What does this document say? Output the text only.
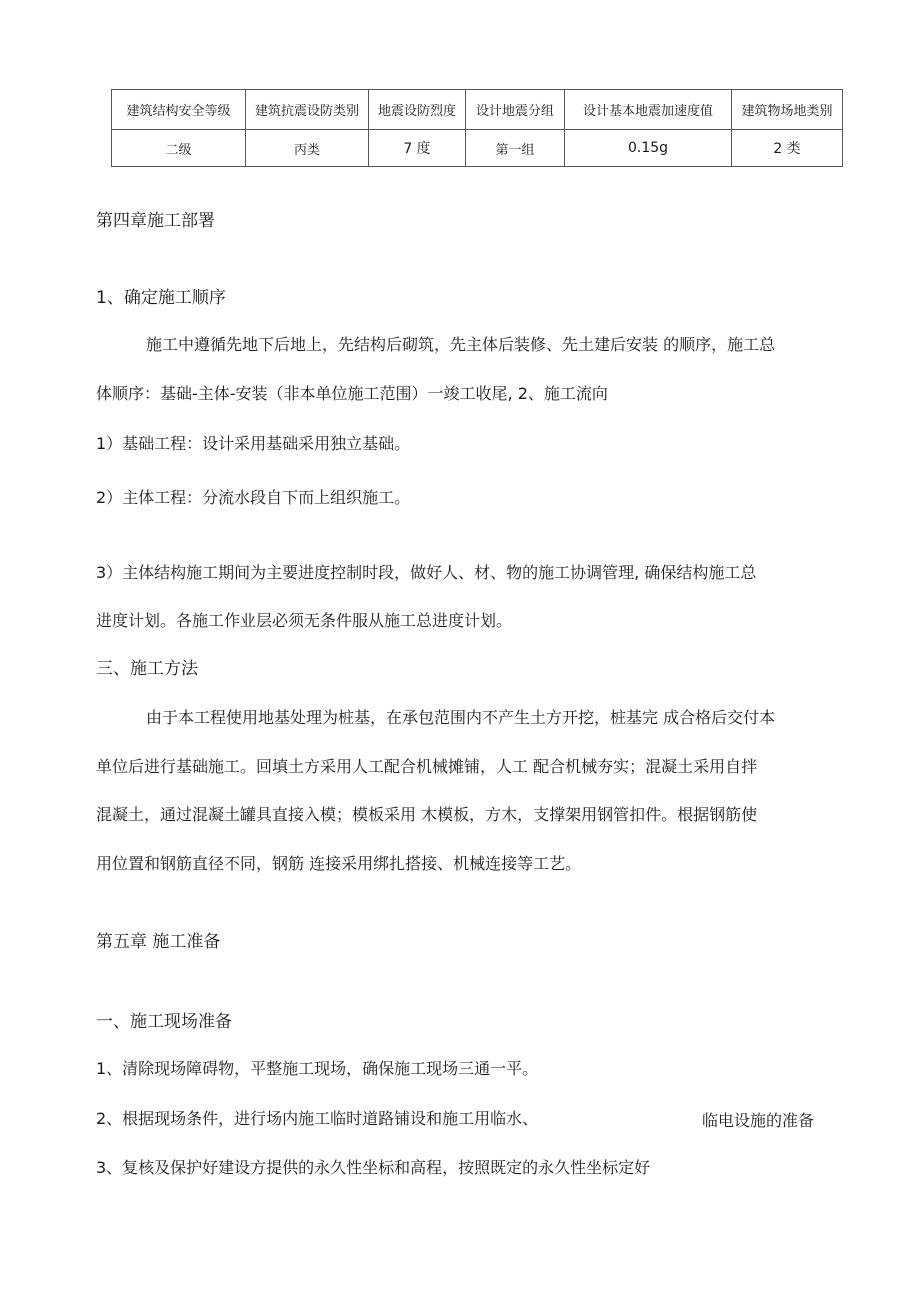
建筑结构安全等级	建筑抗震设防类别	地震设防烈度	设计地震分组	设计基本地震加速度值	建筑物场地类别
二级	丙类	7 度	第一组	0.15g	2 类
第四章施工部署
1、确定施工顺序
施工中遵循先地下后地上，先结构后砌筑，先主体后装修、先土建后安装 的顺序，施工总
体顺序：基础-主体-安装（非本单位施工范围）一竣工收尾, 2、施工流向
1）基础工程：设计采用基础采用独立基础。
2）主体工程：分流水段自下而上组织施工。
3）主体结构施工期间为主要进度控制时段，做好人、材、物的施工协调管理, 确保结构施工总
进度计划。各施工作业层必须无条件服从施工总进度计划。
三、施工方法
由于本工程使用地基处理为桩基，在承包范围内不产生土方开挖，桩基完 成合格后交付本
单位后进行基础施工。回填土方采用人工配合机械摊铺，人工 配合机械夯实；混凝土采用自拌
混凝土，通过混凝土罐具直接入模；模板采用 木模板，方木，支撑架用钢管扣件。根据钢筋使
用位置和钢筋直径不同，钢筋 连接采用绑扎搭接、机械连接等工艺。
第五章 施工准备
一、施工现场准备
1、清除现场障碍物，平整施工现场，确保施工现场三通一平。
2、根据现场条件，进行场内施工临时道路铺设和施工用临水、	临电设施的准备
3、复核及保护好建设方提供的永久性坐标和高程，按照既定的永久性坐标定好
